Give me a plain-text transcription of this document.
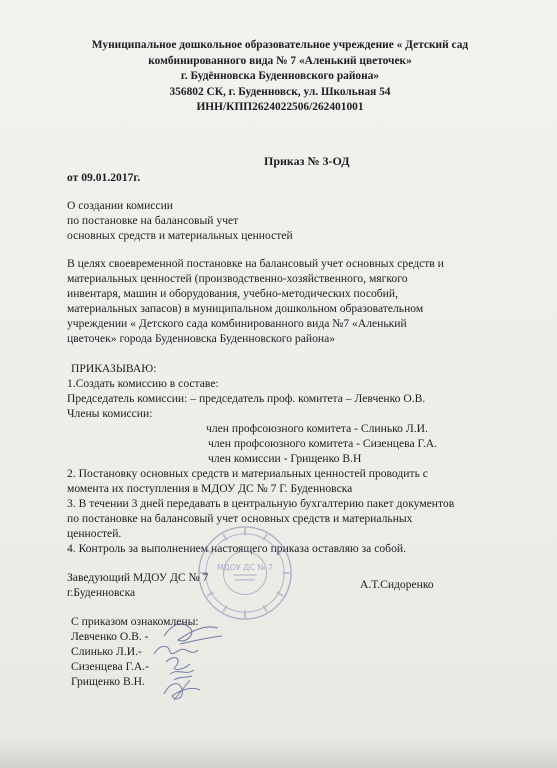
Муниципальное дошкольное образовательное учреждение « Детский сад
комбинированного вида № 7 «Аленький цветочек»
г. Будённовска Буденновского района»
356802 СК, г. Буденновск, ул. Школьная 54
ИНН/КПП2624022506/262401001
Приказ № 3-ОД
от 09.01.2017г.
О создании комиссии
по постановке на балансовый учет
основных средств и материальных ценностей
В целях своевременной постановке на балансовый учет основных средств и
материальных ценностей (производственно-хозяйственного, мягкого
инвентаря, машин и оборудования, учебно-методических пособий,
материальных запасов) в муниципальном дошкольном образовательном
учреждении « Детского сада комбинированного вида №7 «Аленький
цветочек» города Буденновска Буденновского района»
ПРИКАЗЫВАЮ:
1.Создать комиссию в составе:
Председатель комиссии: – председатель проф. комитета – Левченко О.В.
Члены комиссии:
член профсоюзного комитета - Слинько Л.И.
член профсоюзного комитета - Сизенцева Г.А.
член комиссии - Грищенко В.Н
2. Постановку основных средств и материальных ценностей проводить с
момента их поступления в МДОУ ДС № 7 Г. Буденновска
3. В течении 3 дней передавать в центральную бухгалтерию пакет документов
по постановке на балансовый учет основных средств и материальных
ценностей.
4. Контроль за выполнением настоящего приказа оставляю за собой.
МДОУ ДС № 7
Заведующий МДОУ ДС № 7
г.Буденновска
А.Т.Сидоренко
С приказом ознакомлены:
Левченко О.В. -
Слинько Л.И.-
Сизенцева Г.А.-
Грищенко В.Н.
